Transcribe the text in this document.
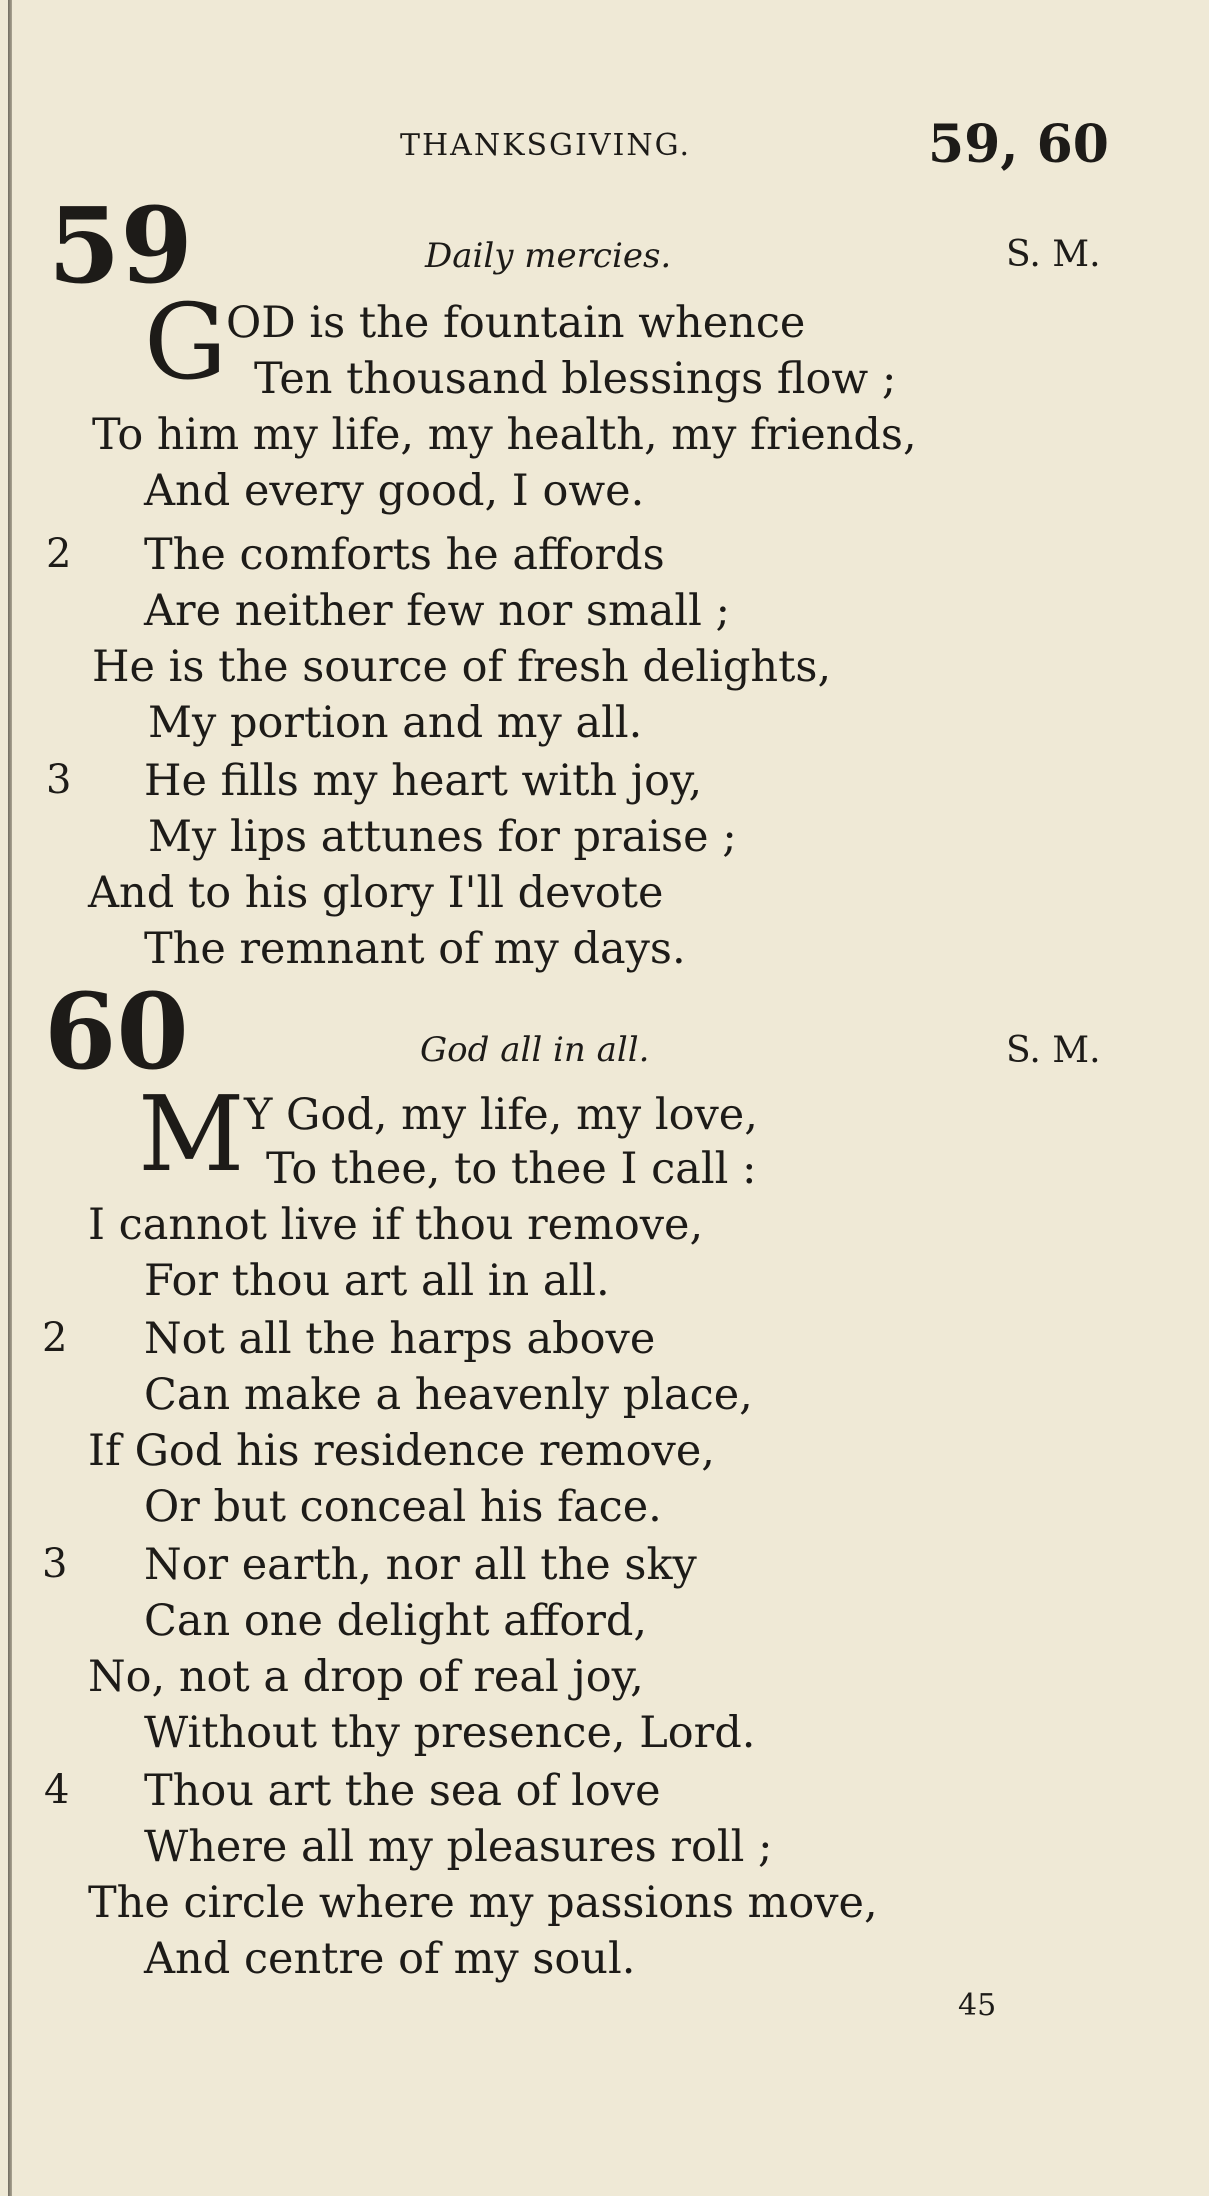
THANKSGIVING.	59, 60
59	Daily mercies.	S. M.
G
OD is the fountain whence
Ten thousand blessings flow ;
To him my life, my health, my friends,
And every good, I owe.
2 The comforts he affords
Are neither few nor small ;
He is the source of fresh delights,
My portion and my all.
3 He fills my heart with joy,
My lips attunes for praise ;
And to his glory I'll devote
The remnant of my days.
60	God all in all.	S. M.
M Y God, my life, my love,
To thee, to thee I call :
I cannot live if thou remove,
For thou art all in all.
2 Not all the harps above
Can make a heavenly place,
If God his residence remove,
Or but conceal his face.
3 Nor earth, nor all the sky
Can one delight afford,
No, not a drop of real joy,
Without thy presence, Lord.
4 Thou art the sea of love
Where all my pleasures roll ;
The circle where my passions move,
And centre of my soul.
45
